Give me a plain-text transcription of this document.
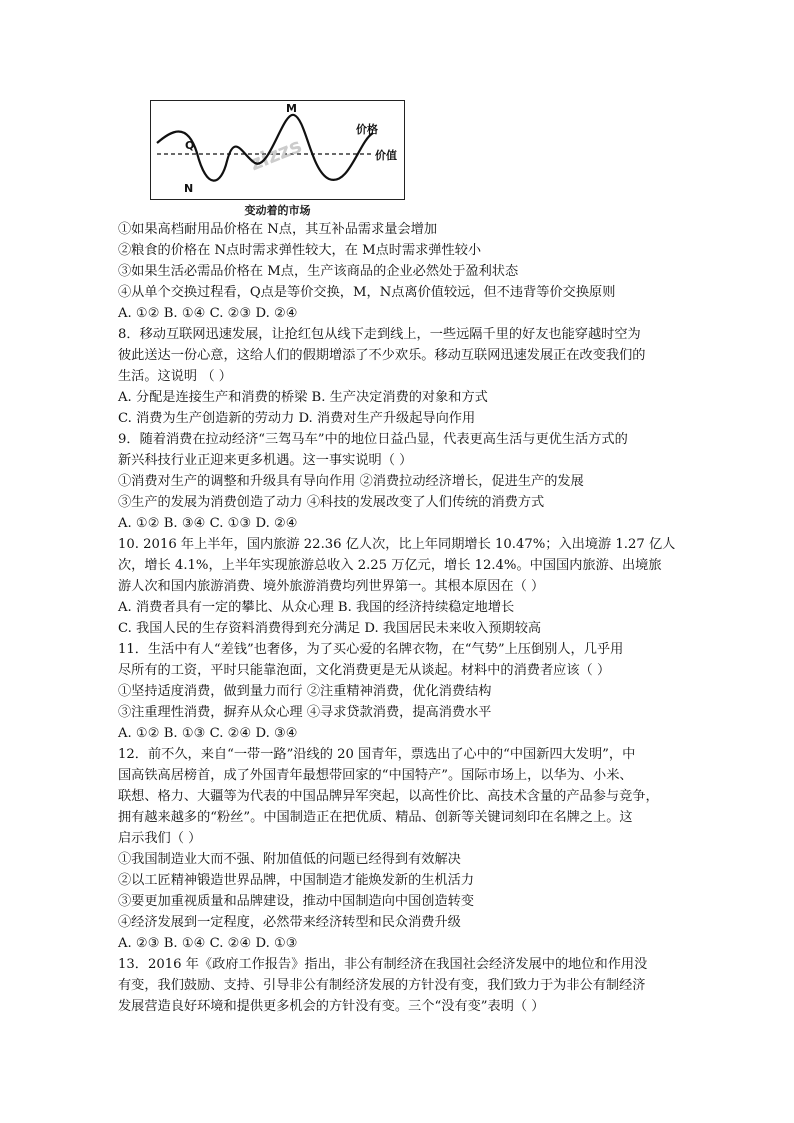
zizzs
Q
N
M
价格
价值
变动着的市场
①如果高档耐用品价格在 N点，其互补品需求量会增加
②粮食的价格在 N点时需求弹性较大，在 M点时需求弹性较小
③如果生活必需品价格在 M点，生产该商品的企业必然处于盈利状态
④从单个交换过程看，Q点是等价交换，M，N点离价值较远，但不违背等价交换原则
A. ①② B. ①④ C. ②③ D. ②④
8．移动互联网迅速发展，让抢红包从线下走到线上，一些远隔千里的好友也能穿越时空为
彼此送达一份心意，这给人们的假期增添了不少欢乐。移动互联网迅速发展正在改变我们的
生活。这说明 （ ）
A. 分配是连接生产和消费的桥梁 B. 生产决定消费的对象和方式
C. 消费为生产创造新的劳动力 D. 消费对生产升级起导向作用
9．随着消费在拉动经济“三驾马车”中的地位日益凸显，代表更高生活与更优生活方式的
新兴科技行业正迎来更多机遇。这一事实说明（ ）
①消费对生产的调整和升级具有导向作用 ②消费拉动经济增长，促进生产的发展
③生产的发展为消费创造了动力 ④科技的发展改变了人们传统的消费方式
A. ①② B. ③④ C. ①③ D. ②④
10. 2016 年上半年，国内旅游 22.36 亿人次，比上年同期增长 10.47%；入出境游 1.27 亿人
次，增长 4.1%，上半年实现旅游总收入 2.25 万亿元，增长 12.4%。中国国内旅游、出境旅
游人次和国内旅游消费、境外旅游消费均列世界第一。其根本原因在（ ）
A. 消费者具有一定的攀比、从众心理 B. 我国的经济持续稳定地增长
C. 我国人民的生存资料消费得到充分满足 D. 我国居民未来收入预期较高
11．生活中有人“差钱”也奢侈，为了买心爱的名牌衣物，在“气势”上压倒别人，几乎用
尽所有的工资，平时只能靠泡面，文化消费更是无从谈起。材料中的消费者应该（ ）
①坚持适度消费，做到量力而行 ②注重精神消费，优化消费结构
③注重理性消费，摒弃从众心理 ④寻求贷款消费，提高消费水平
A. ①② B. ①③ C. ②④ D. ③④
12．前不久，来自“一带一路”沿线的 20 国青年，票选出了心中的“中国新四大发明”，中
国高铁高居榜首，成了外国青年最想带回家的“中国特产”。国际市场上，以华为、小米、
联想、格力、大疆等为代表的中国品牌异军突起，以高性价比、高技术含量的产品参与竞争，
拥有越来越多的“粉丝”。中国制造正在把优质、精品、创新等关键词刻印在名牌之上。这
启示我们（ ）
①我国制造业大而不强、附加值低的问题已经得到有效解决
②以工匠精神锻造世界品牌，中国制造才能焕发新的生机活力
③要更加重视质量和品牌建设，推动中国制造向中国创造转变
④经济发展到一定程度，必然带来经济转型和民众消费升级
A. ②③ B. ①④ C. ②④ D. ①③
13．2016 年《政府工作报告》指出，非公有制经济在我国社会经济发展中的地位和作用没
有变，我们鼓励、支持、引导非公有制经济发展的方针没有变，我们致力于为非公有制经济
发展营造良好环境和提供更多机会的方针没有变。三个“没有变”表明（ ）
